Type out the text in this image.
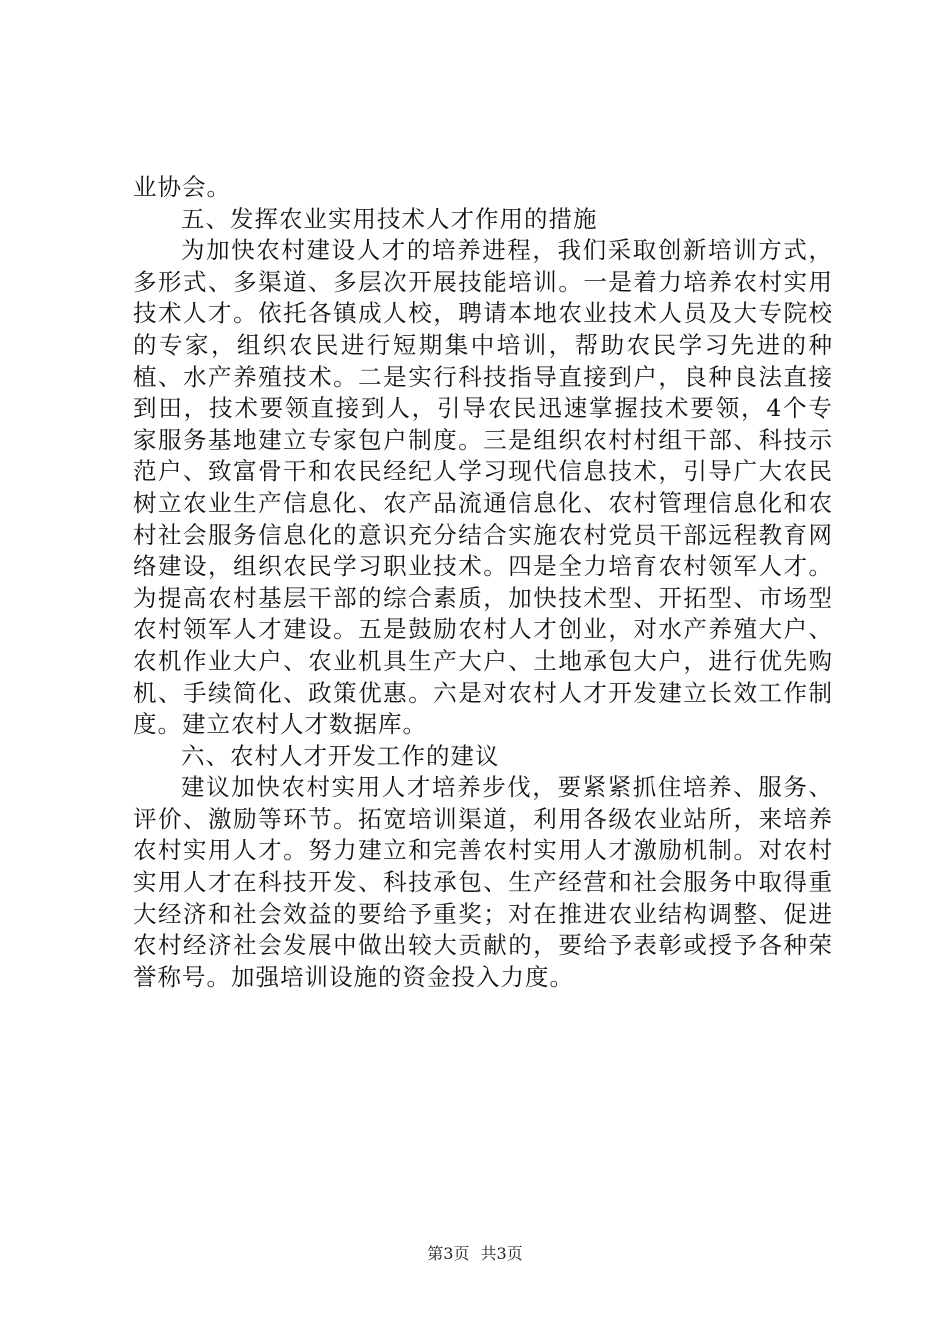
业协会。

五、发挥农业实用技术人才作用的措施

为加快农村建设人才的培养进程，我们采取创新培训方式，多形式、多渠道、多层次开展技能培训。一是着力培养农村实用技术人才。依托各镇成人校，聘请本地农业技术人员及大专院校的专家，组织农民进行短期集中培训，帮助农民学习先进的种植、水产养殖技术。二是实行科技指导直接到户，良种良法直接到田，技术要领直接到人，引导农民迅速掌握技术要领，4个专家服务基地建立专家包户制度。三是组织农村村组干部、科技示范户、致富骨干和农民经纪人学习现代信息技术，引导广大农民树立农业生产信息化、农产品流通信息化、农村管理信息化和农村社会服务信息化的意识充分结合实施农村党员干部远程教育网络建设，组织农民学习职业技术。四是全力培育农村领军人才。为提高农村基层干部的综合素质，加快技术型、开拓型、市场型农村领军人才建设。五是鼓励农村人才创业，对水产养殖大户、农机作业大户、农业机具生产大户、土地承包大户，进行优先购机、手续简化、政策优惠。六是对农村人才开发建立长效工作制度。建立农村人才数据库。

六、农村人才开发工作的建议

建议加快农村实用人才培养步伐，要紧紧抓住培养、服务、评价、激励等环节。拓宽培训渠道，利用各级农业站所，来培养农村实用人才。努力建立和完善农村实用人才激励机制。对农村实用人才在科技开发、科技承包、生产经营和社会服务中取得重大经济和社会效益的要给予重奖；对在推进农业结构调整、促进农村经济社会发展中做出较大贡献的，要给予表彰或授予各种荣誉称号。加强培训设施的资金投入力度。

第3页 共3页
